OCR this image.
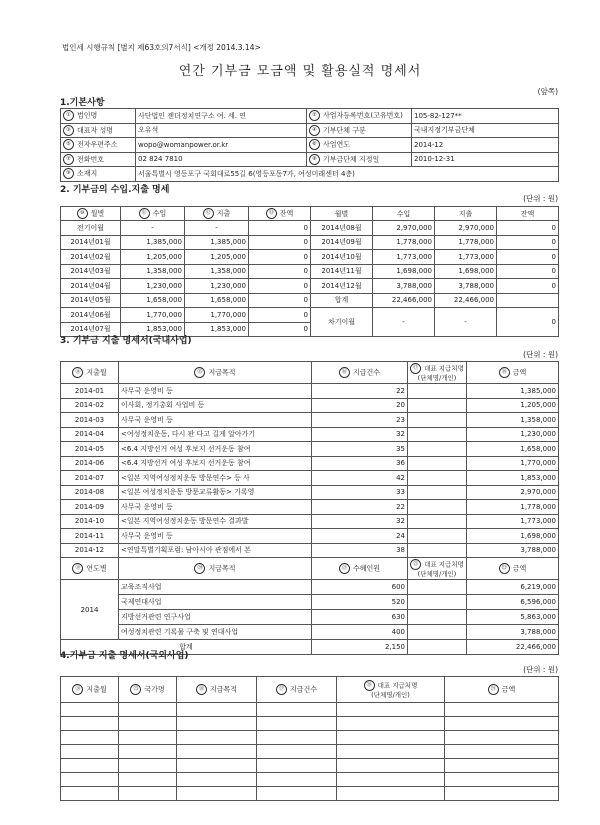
법인세 시행규칙 [별지 제63호의7서식] <개정 2014.3.14>
연간 기부금 모금액 및 활용실적 명세서
(앞쪽)
1.기본사항
① 법인명	사단법인 젠더정치연구소 여. 세. 연	② 사업자등록번호(고유번호)	105-82-127**
③ 대표자 성명	오유석	④ 기부단체 구분	국내지정기부금단체
⑤ 전자우편주소	wopo@womanpower.or.kr	⑥ 사업연도	2014-12
⑦ 전화번호	02 824 7810	⑧ 기부금단체 지정일	2010-12-31
⑨ 소재지	서울특별시 영등포구 국회대로55길 6(영등포동7가, 여성미래센터 4층)		
2. 기부금의 수입.지출 명세
(단위 : 원)
⑩ 월별	⑪ 수입	⑫ 지출	⑬ 잔액	월별	수입	지출	잔액
전기이월	-	-	0	2014년08월	2,970,000	2,970,000	0
2014년01월	1,385,000	1,385,000	0	2014년09월	1,778,000	1,778,000	0
2014년02월	1,205,000	1,205,000	0	2014년10월	1,773,000	1,773,000	0
2014년03월	1,358,000	1,358,000	0	2014년11월	1,698,000	1,698,000	0
2014년04월	1,230,000	1,230,000	0	2014년12월	3,788,000	3,788,000	0
2014년05월	1,658,000	1,658,000	0	합계	22,466,000	22,466,000	
2014년06월	1,770,000	1,770,000	0	차기이월	-	-	0
2014년07월	1,853,000	1,853,000	0				
3. 기부금 지출 명세서(국내사업)
(단위 : 원)
⑭ 지출월	⑮ 지급목적	⑯ 지급건수	⑰ 대표 지급처명
(단체명/개인)	⑱ 금액
2014-01	사무국 운영비 등	22		1,385,000
2014-02	이사회, 정기총회 사업비 등	20		1,205,000
2014-03	사무국 운영비 등	23		1,358,000
2014-04	<여성정치운동, 다시 판 다고 길게 알아가기	32		1,230,000
2014-05	<6.4 지방선거 여성 후보지 선거운동 참여	35		1,658,000
2014-06	<6.4 지방선거 여성 후보지 선거운동 참여	36		1,770,000
2014-07	<일본 지역여성정치운동 방문연수> 등 사	42		1,853,000
2014-08	<일본 여성정치운동 방문교류활동> 기록영	33		2,970,000
2014-09	사무국 운영비 등	22		1,778,000
2014-10	<일본 지역여성정치운동 방문연수 결과발	32		1,773,000
2014-11	사무국 운영비 등	24		1,698,000
2014-12	<연말특별기획포럼: 남아시아 관점에서 본	38		3,788,000
⑲ 연도별	⑳ 지급목적	㉑ 수혜인원	㉒ 대표 지급처명
(단체명/개인)	㉓ 금액
2014	교육조직사업	600		6,219,000
	국제연대사업	520		6,596,000
	지방선거관련 연구사업	630		5,863,000
	여성정치관련 기록물 구축 및 연대사업	400		3,788,000
합계		2,150		22,466,000
4.기부금 지출 명세서(국외사업)
(단위 : 원)
㉔ 지출월	㉕ 국가명	㉖ 지급목적	㉗ 지급건수	㉘ 대표 지급처명
(단체명/개인)	㉙ 금액
